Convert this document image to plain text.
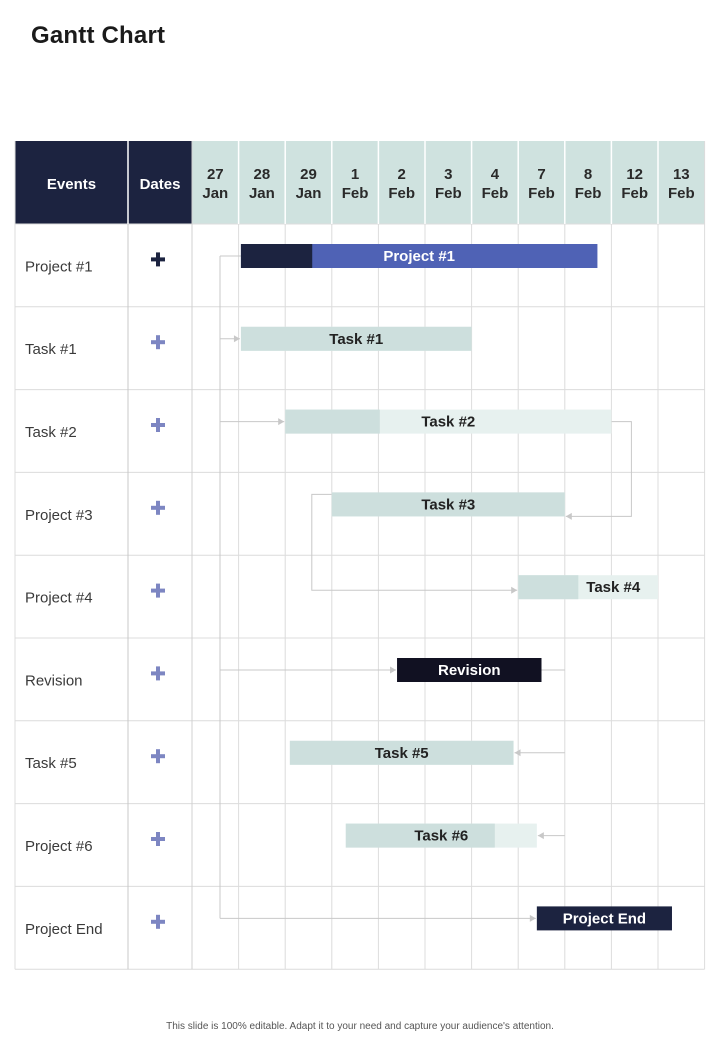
Gantt Chart
Events	Dates
27
Jan
28
Jan
29
Jan
1
Feb
2
Feb
3
Feb
4
Feb
7
Feb
8
Feb
12
Feb
13
Feb
Project #1
Task #1
Task #2
Project #3
Project #4
Revision
Task #5
Project #6
Project End
Project #1
Task #1
Task #2
Task #3
Task #4
Revision
Task #5
Task #6
Project End
This slide is 100% editable. Adapt it to your need and capture your audience's attention.
